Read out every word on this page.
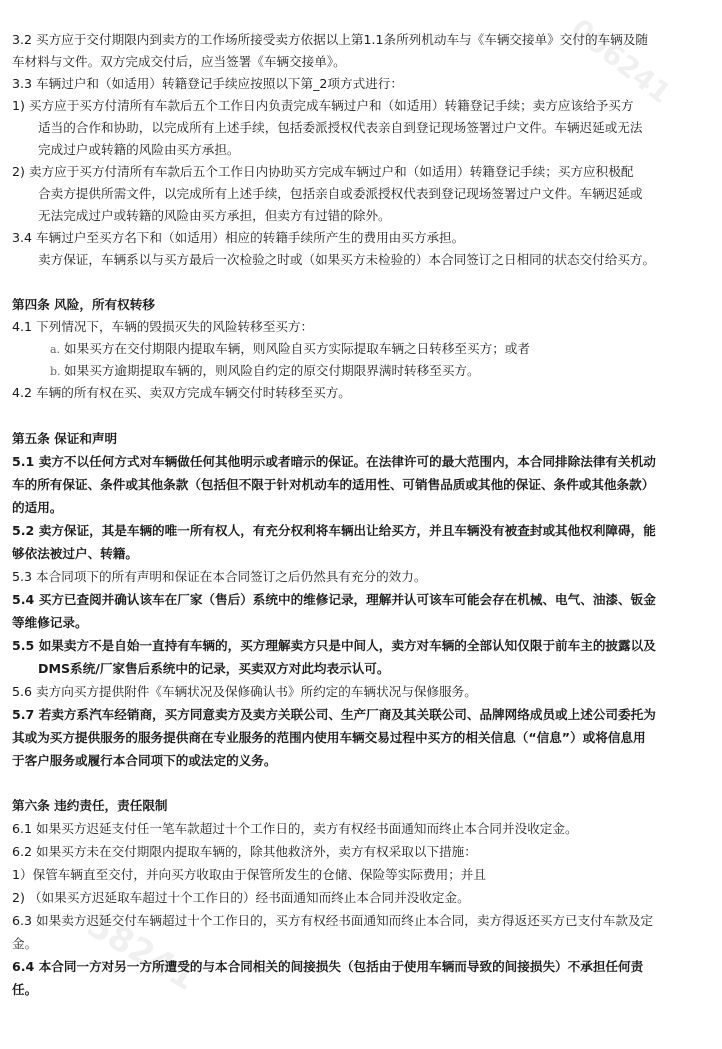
006241
58241
3.2 买方应于交付期限内到卖方的工作场所接受卖方依据以上第1.1条所列机动车与《车辆交接单》交付的车辆及随
车材料与文件。双方完成交付后，应当签署《车辆交接单》。
3.3 车辆过户和（如适用）转籍登记手续应按照以下第_2项方式进行：
1) 买方应于买方付清所有车款后五个工作日内负责完成车辆过户和（如适用）转籍登记手续；卖方应该给予买方
适当的合作和协助，以完成所有上述手续，包括委派授权代表亲自到登记现场签署过户文件。车辆迟延或无法
完成过户或转籍的风险由买方承担。
2) 卖方应于买方付清所有车款后五个工作日内协助买方完成车辆过户和（如适用）转籍登记手续；买方应积极配
合卖方提供所需文件，以完成所有上述手续，包括亲自或委派授权代表到登记现场签署过户文件。车辆迟延或
无法完成过户或转籍的风险由买方承担，但卖方有过错的除外。
3.4 车辆过户至买方名下和（如适用）相应的转籍手续所产生的费用由买方承担。
卖方保证，车辆系以与买方最后一次检验之时或（如果买方未检验的）本合同签订之日相同的状态交付给买方。
第四条 风险，所有权转移
4.1 下列情况下，车辆的毁损灭失的风险转移至买方：
a. 如果买方在交付期限内提取车辆，则风险自买方实际提取车辆之日转移至买方；或者
b. 如果买方逾期提取车辆的，则风险自约定的原交付期限界满时转移至买方。
4.2 车辆的所有权在买、卖双方完成车辆交付时转移至买方。
第五条 保证和声明
5.1 卖方不以任何方式对车辆做任何其他明示或者暗示的保证。在法律许可的最大范围内，本合同排除法律有关机动
车的所有保证、条件或其他条款（包括但不限于针对机动车的适用性、可销售品质或其他的保证、条件或其他条款）
的适用。
5.2 卖方保证，其是车辆的唯一所有权人，有充分权利将车辆出让给买方，并且车辆没有被查封或其他权利障碍，能
够依法被过户、转籍。
5.3 本合同项下的所有声明和保证在本合同签订之后仍然具有充分的效力。
5.4 买方已查阅并确认该车在厂家（售后）系统中的维修记录，理解并认可该车可能会存在机械、电气、油漆、钣金
等维修记录。
5.5 如果卖方不是自始一直持有车辆的，买方理解卖方只是中间人，卖方对车辆的全部认知仅限于前车主的披露以及
DMS系统/厂家售后系统中的记录，买卖双方对此均表示认可。
5.6 卖方向买方提供附件《车辆状况及保修确认书》所约定的车辆状况与保修服务。
5.7 若卖方系汽车经销商，买方同意卖方及卖方关联公司、生产厂商及其关联公司、品牌网络成员或上述公司委托为
其或为买方提供服务的服务提供商在专业服务的范围内使用车辆交易过程中买方的相关信息（“信息”）或将信息用
于客户服务或履行本合同项下的或法定的义务。
第六条 违约责任，责任限制
6.1 如果买方迟延支付任一笔车款超过十个工作日的，卖方有权经书面通知而终止本合同并没收定金。
6.2 如果买方未在交付期限内提取车辆的，除其他救济外，卖方有权采取以下措施：
1）保管车辆直至交付，并向买方收取由于保管所发生的仓储、保险等实际费用；并且
2) （如果买方迟延取车超过十个工作日的）经书面通知而终止本合同并没收定金。
6.3 如果卖方迟延交付车辆超过十个工作日的，买方有权经书面通知而终止本合同，卖方得返还买方已支付车款及定
金。
6.4 本合同一方对另一方所遭受的与本合同相关的间接损失（包括由于使用车辆而导致的间接损失）不承担任何责
任。
